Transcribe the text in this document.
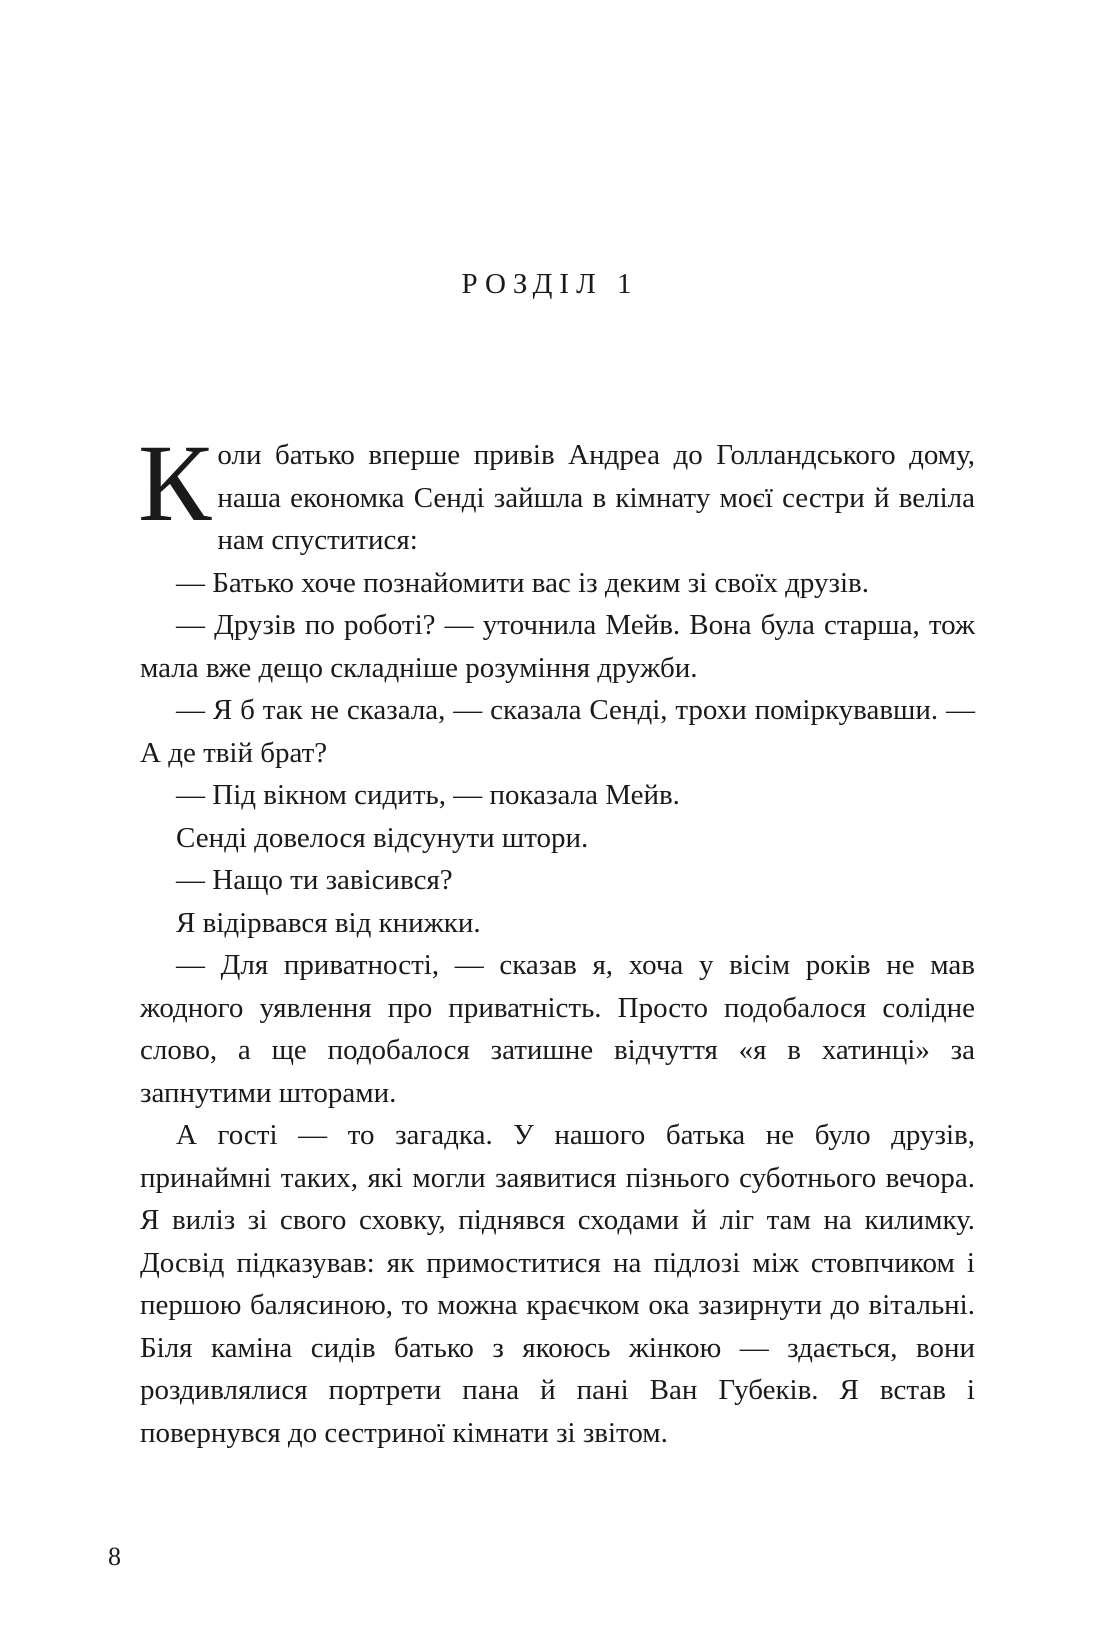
РОЗДІЛ 1

Коли батько вперше привів Андреа до Голландського дому, наша економка Сенді зайшла в кімнату моєї сестри й веліла нам спуститися:

— Батько хоче познайомити вас із деким зі своїх друзів.

— Друзів по роботі? — уточнила Мейв. Вона була старша, тож мала вже дещо складніше розуміння дружби.

— Я б так не сказала, — сказала Сенді, трохи поміркувавши. — А де твій брат?

— Під вікном сидить, — показала Мейв.

Сенді довелося відсунути штори.

— Нащо ти завісився?

Я відірвався від книжки.

— Для приватності, — сказав я, хоча у вісім років не мав жодного уявлення про приватність. Просто подобалося солідне слово, а ще подобалося затишне відчуття «я в хатинці» за запнутими шторами.

А гості — то загадка. У нашого батька не було друзів, принаймні таких, які могли заявитися пізнього суботнього вечора. Я виліз зі свого сховку, піднявся сходами й ліг там на килимку. Досвід підказував: як примоститися на підлозі між стовпчиком і першою балясиною, то можна краєчком ока зазирнути до вітальні. Біля каміна сидів батько з якоюсь жінкою — здається, вони роздивлялися портрети пана й пані Ван Губеків. Я встав і повернувся до сестриної кімнати зі звітом.

8
